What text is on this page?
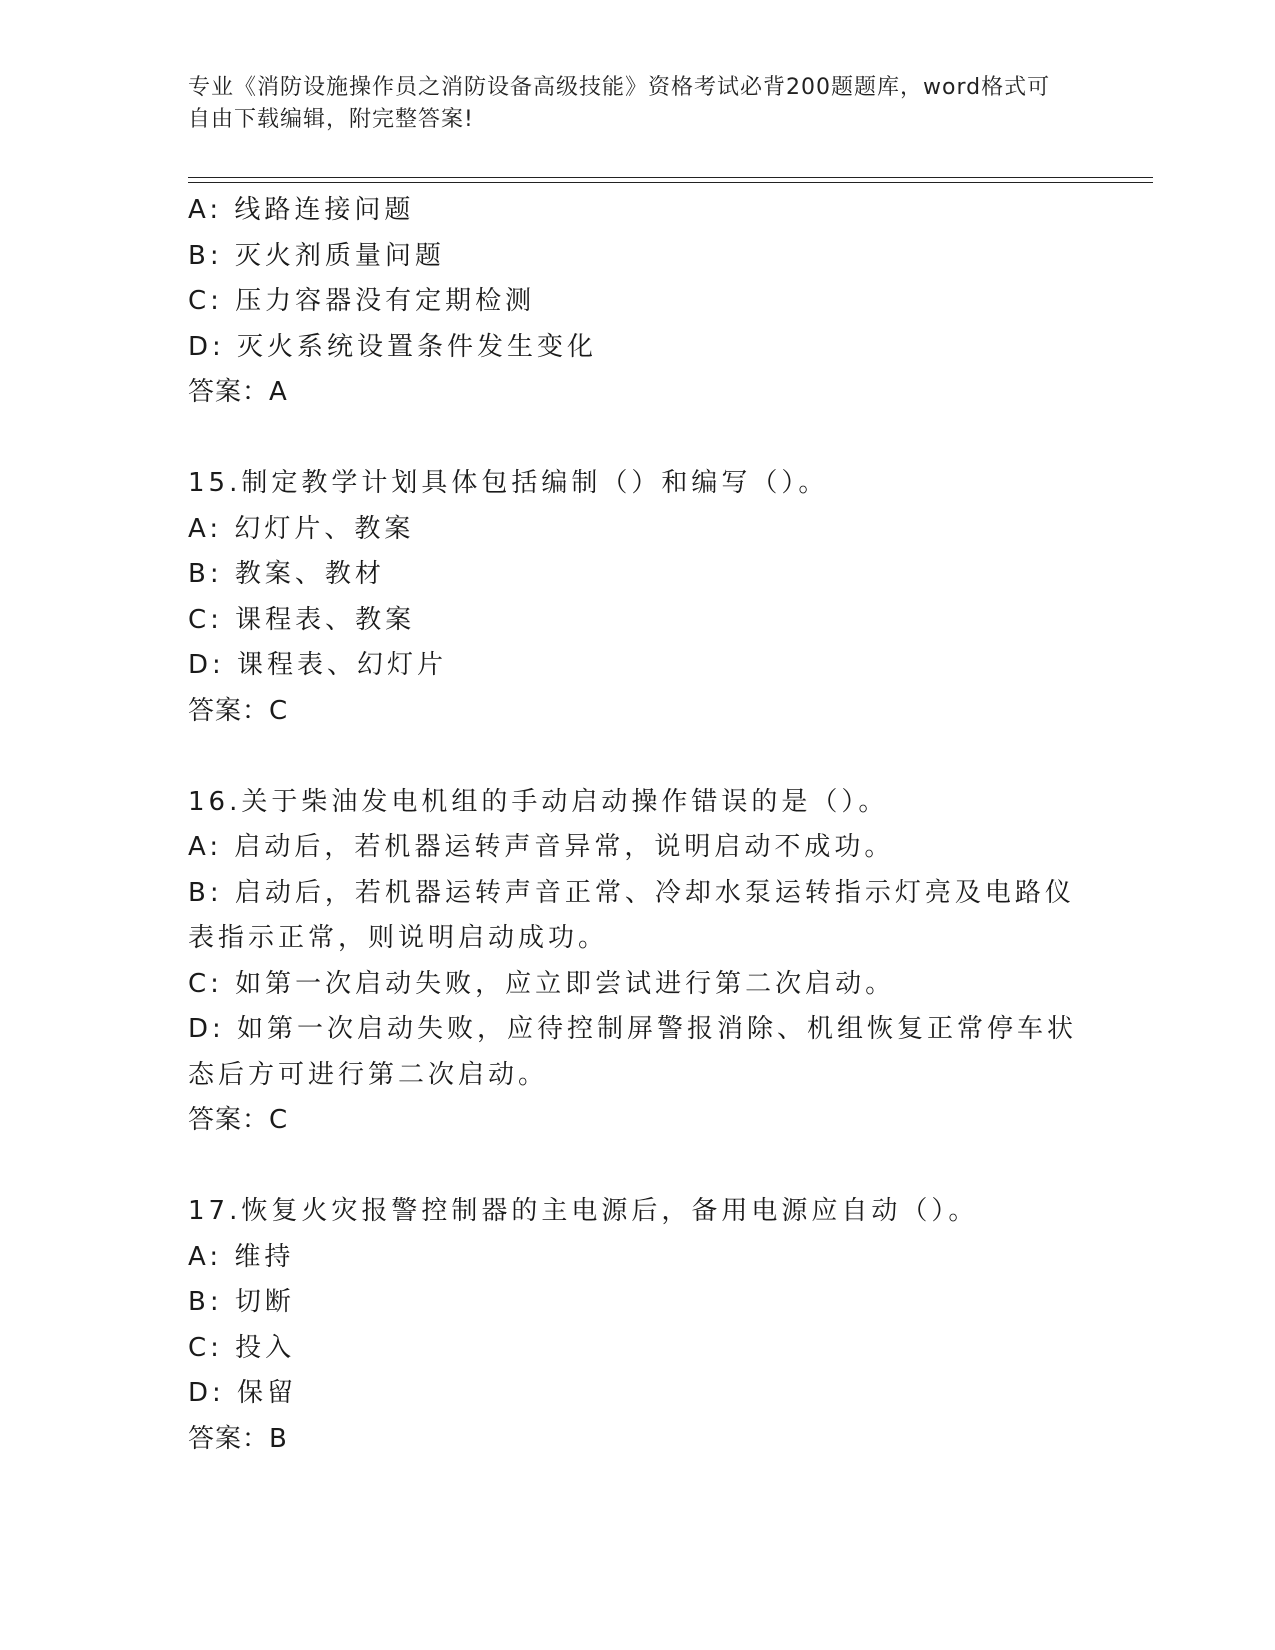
专业《消防设施操作员之消防设备高级技能》资格考试必背200题题库，word格式可自由下载编辑，附完整答案!

A: 线路连接问题

B: 灭火剂质量问题

C: 压力容器没有定期检测

D: 灭火系统设置条件发生变化

答案：A

15.制定教学计划具体包括编制（）和编写（）。

A: 幻灯片、教案

B: 教案、教材

C: 课程表、教案

D: 课程表、幻灯片

答案：C

16.关于柴油发电机组的手动启动操作错误的是（）。

A: 启动后，若机器运转声音异常，说明启动不成功。

B: 启动后，若机器运转声音正常、冷却水泵运转指示灯亮及电路仪表指示正常，则说明启动成功。

C: 如第一次启动失败，应立即尝试进行第二次启动。

D: 如第一次启动失败，应待控制屏警报消除、机组恢复正常停车状态后方可进行第二次启动。

答案：C

17.恢复火灾报警控制器的主电源后，备用电源应自动（）。

A: 维持

B: 切断

C: 投入

D: 保留

答案：B
